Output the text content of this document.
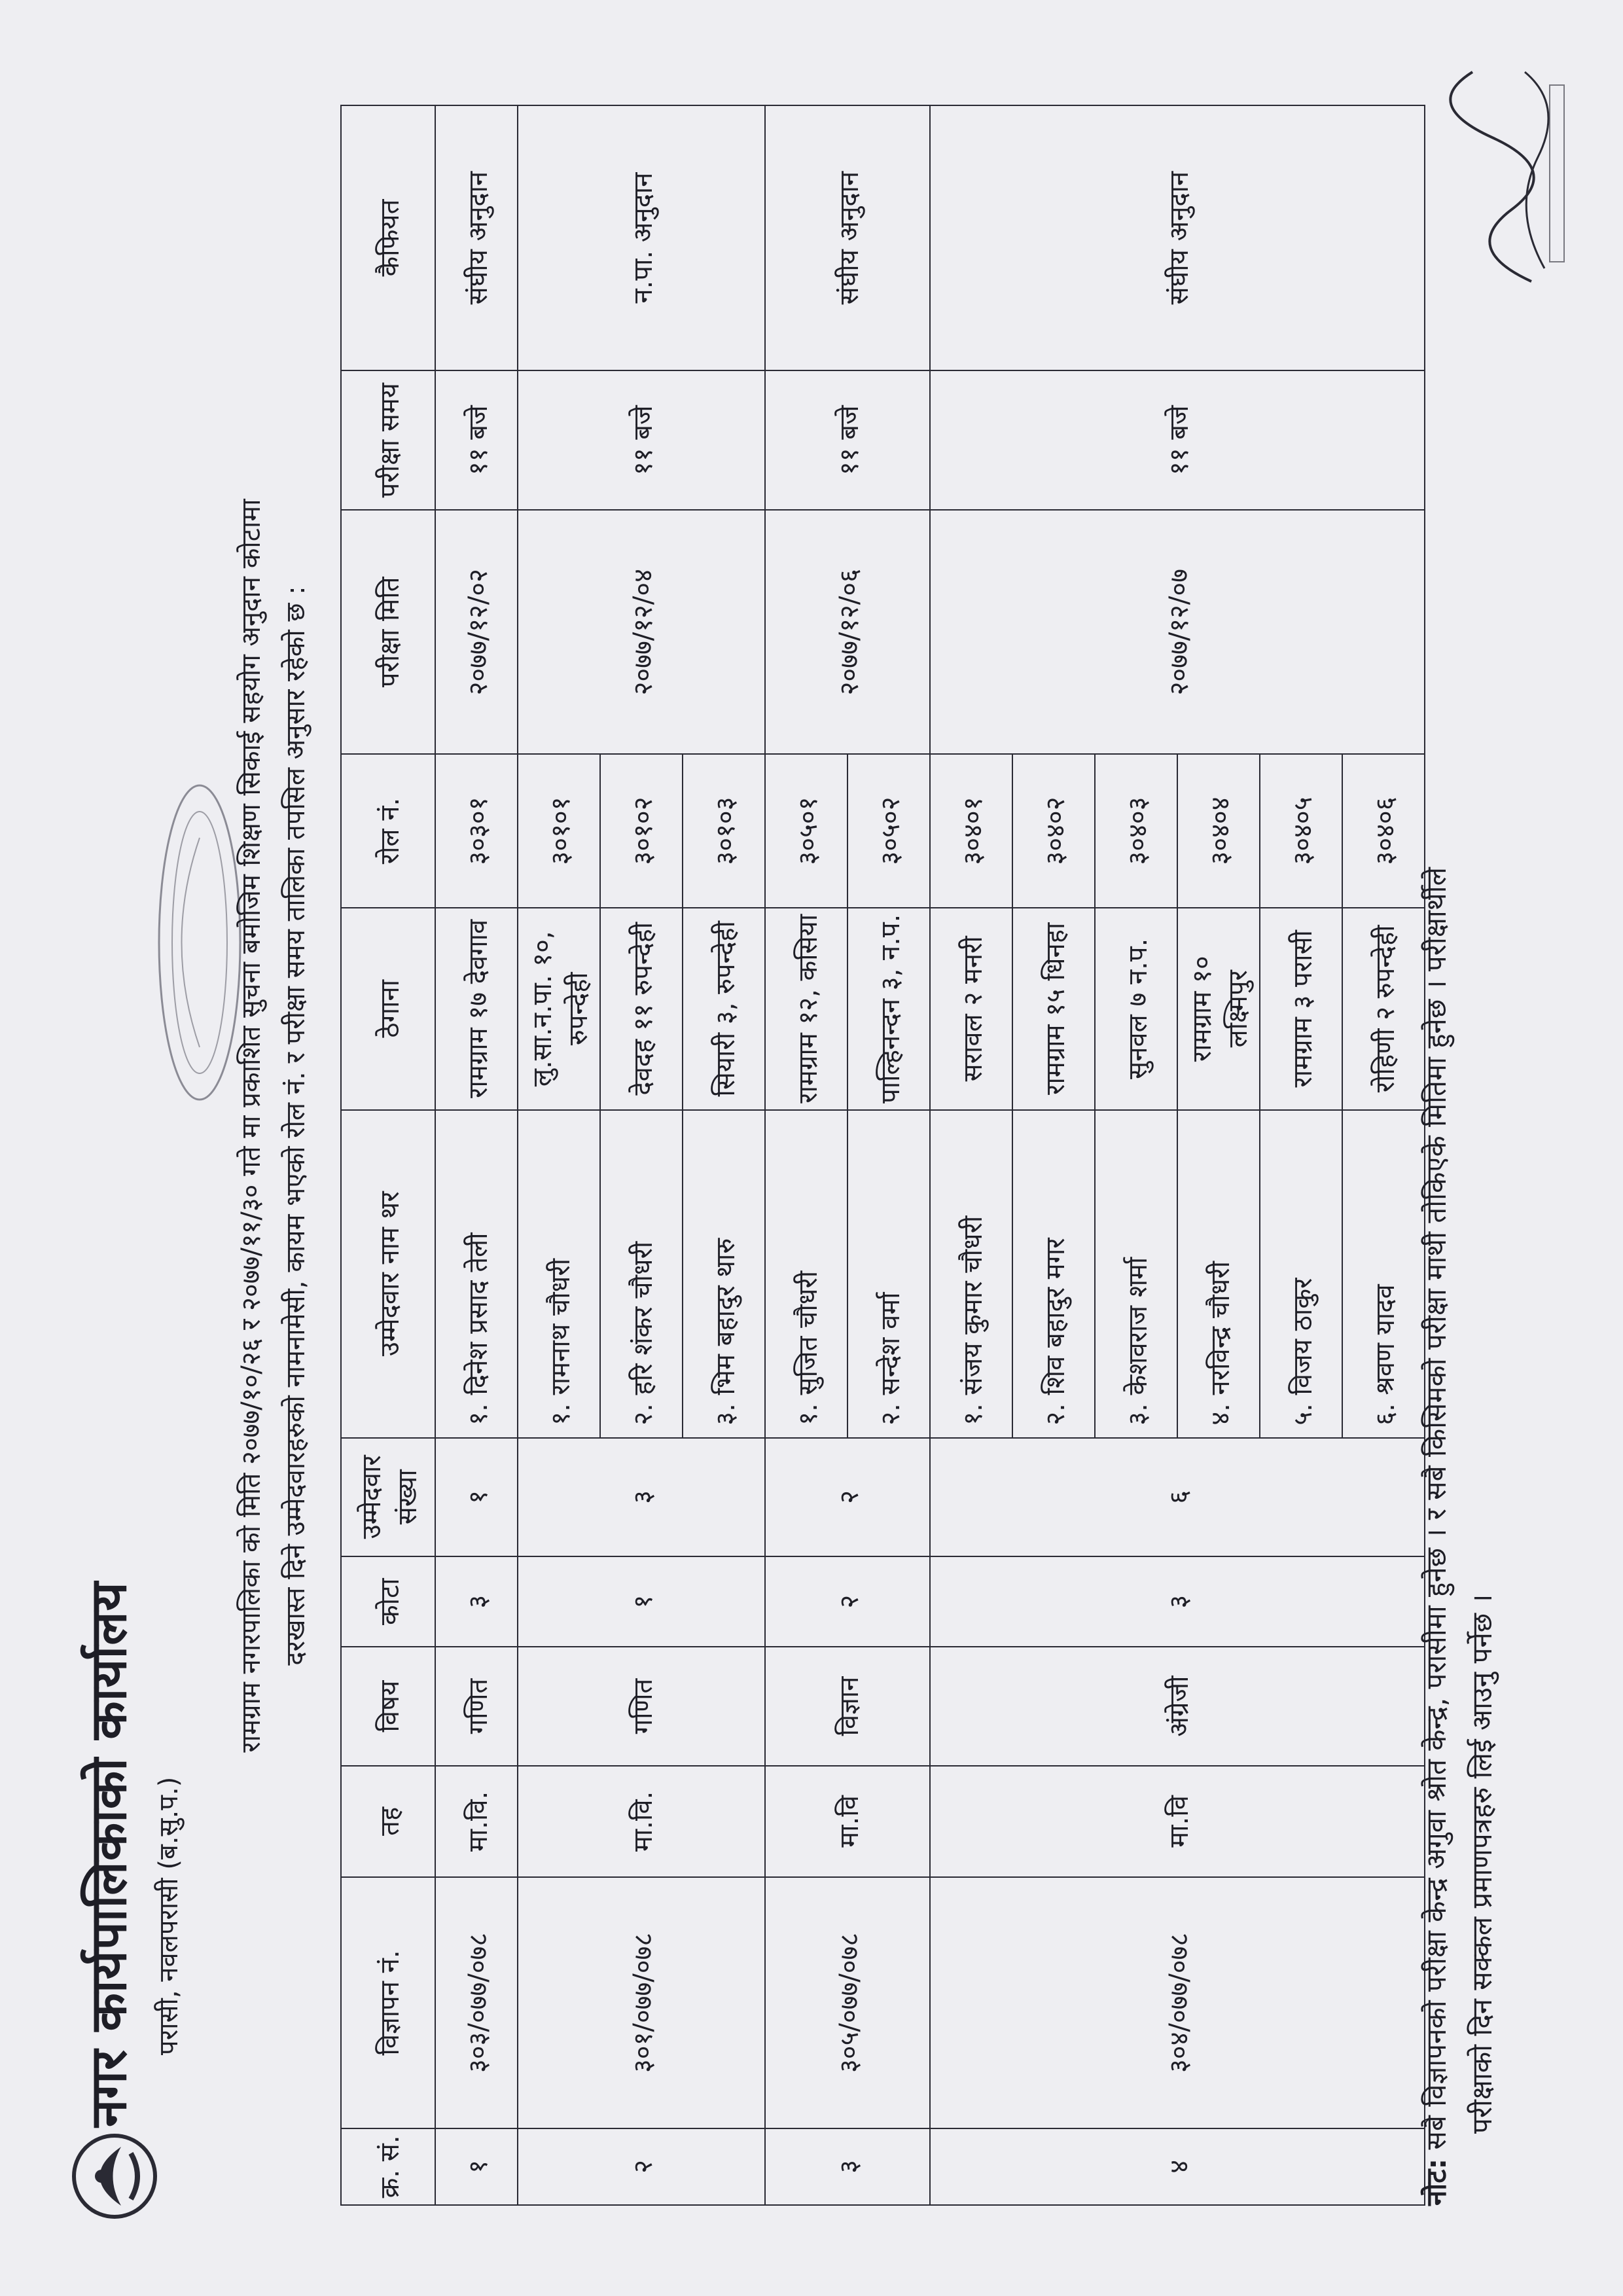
नगर कार्यपालिकाको कार्यालय परासी, नवलपरासी (ब.सु.प.)
रामग्राम नगरपालिका को मिति २०७७/१०/२६ र २०७७/११/३० गते मा प्रकाशित सुचना बमोजिम शिक्षण सिकाई सहयोग अनुदान कोटामा दरखास्त दिने उम्मेदवारहरुको नामनामेसी, कायम भएको रोल नं. र परीक्षा समय तालिका तपसिल अनुसार रहेको छ :
क्र. सं.	विज्ञापन नं.	तह	विषय	कोटा	उम्मेदवार संख्या	उम्मेदवार नाम थर	ठेगाना	रोल नं.	परीक्षा मिति	परीक्षा समय	कैफियत
१	३०३/०७७/०७८	मा.वि.	गणित	३	१	१. दिनेश प्रसाद तेली	रामग्राम १७ देवगाव	३०३०१	२०७७/१२/०२	११ बजे	संघीय अनुदान
२	३०१/०७७/०७८	मा.वि.	गणित	१	३	१. रामनाथ चौधरी	लु.सा.न.पा. १०, रुपन्देही	३०१०१	२०७७/१२/०४	११ बजे	न.पा. अनुदान
						२. हरि शंकर चौधरी	देवदह ११ रुपन्देही	३०१०२			
						३. भिम बहादुर थारु	सियारी ३, रुपन्देही	३०१०३			
३	३०५/०७७/०७८	मा.वि	विज्ञान	२	२	१. सुजित चौधरी	रामग्राम १२, कसिया	३०५०१	२०७७/१२/०६	११ बजे	संघीय अनुदान
						२. सन्देश वर्मा	पाल्हिनन्दन ३, न.प.	३०५०२			
४	३०४/०७७/०७८	मा.वि	अंग्रेजी	३	६	१. संजय कुमार चौधरी	सरावल २ मनरी	३०४०१	२०७७/१२/०७	११ बजे	संघीय अनुदान
						२. शिव बहादुर मगर	रामग्राम १५ धिनहा	३०४०२			
						३. केशवराज शर्मा	सुनवल ७ न.प.	३०४०३			
						४. नरविन्द्र चौधरी	रामग्राम १० लक्ष्मिपुर	३०४०४			
						५. विजय ठाकुर	रामग्राम ३ परासी	३०४०५			
						६. श्रवण यादव	रोहिणी २ रुपन्देही	३०४०६			
नोट: सबै विज्ञापनको परीक्षा केन्द्र अगुवा श्रोत केन्द्र, परासीमा हुनेछ । र सबै किसिमको परीक्षा माथी तोकिएके मितिमा हुनेछ । परीक्षार्थीले परीक्षाको दिन सक्कल प्रमाणपत्रहरु लिई आउनु पर्नेछ ।
